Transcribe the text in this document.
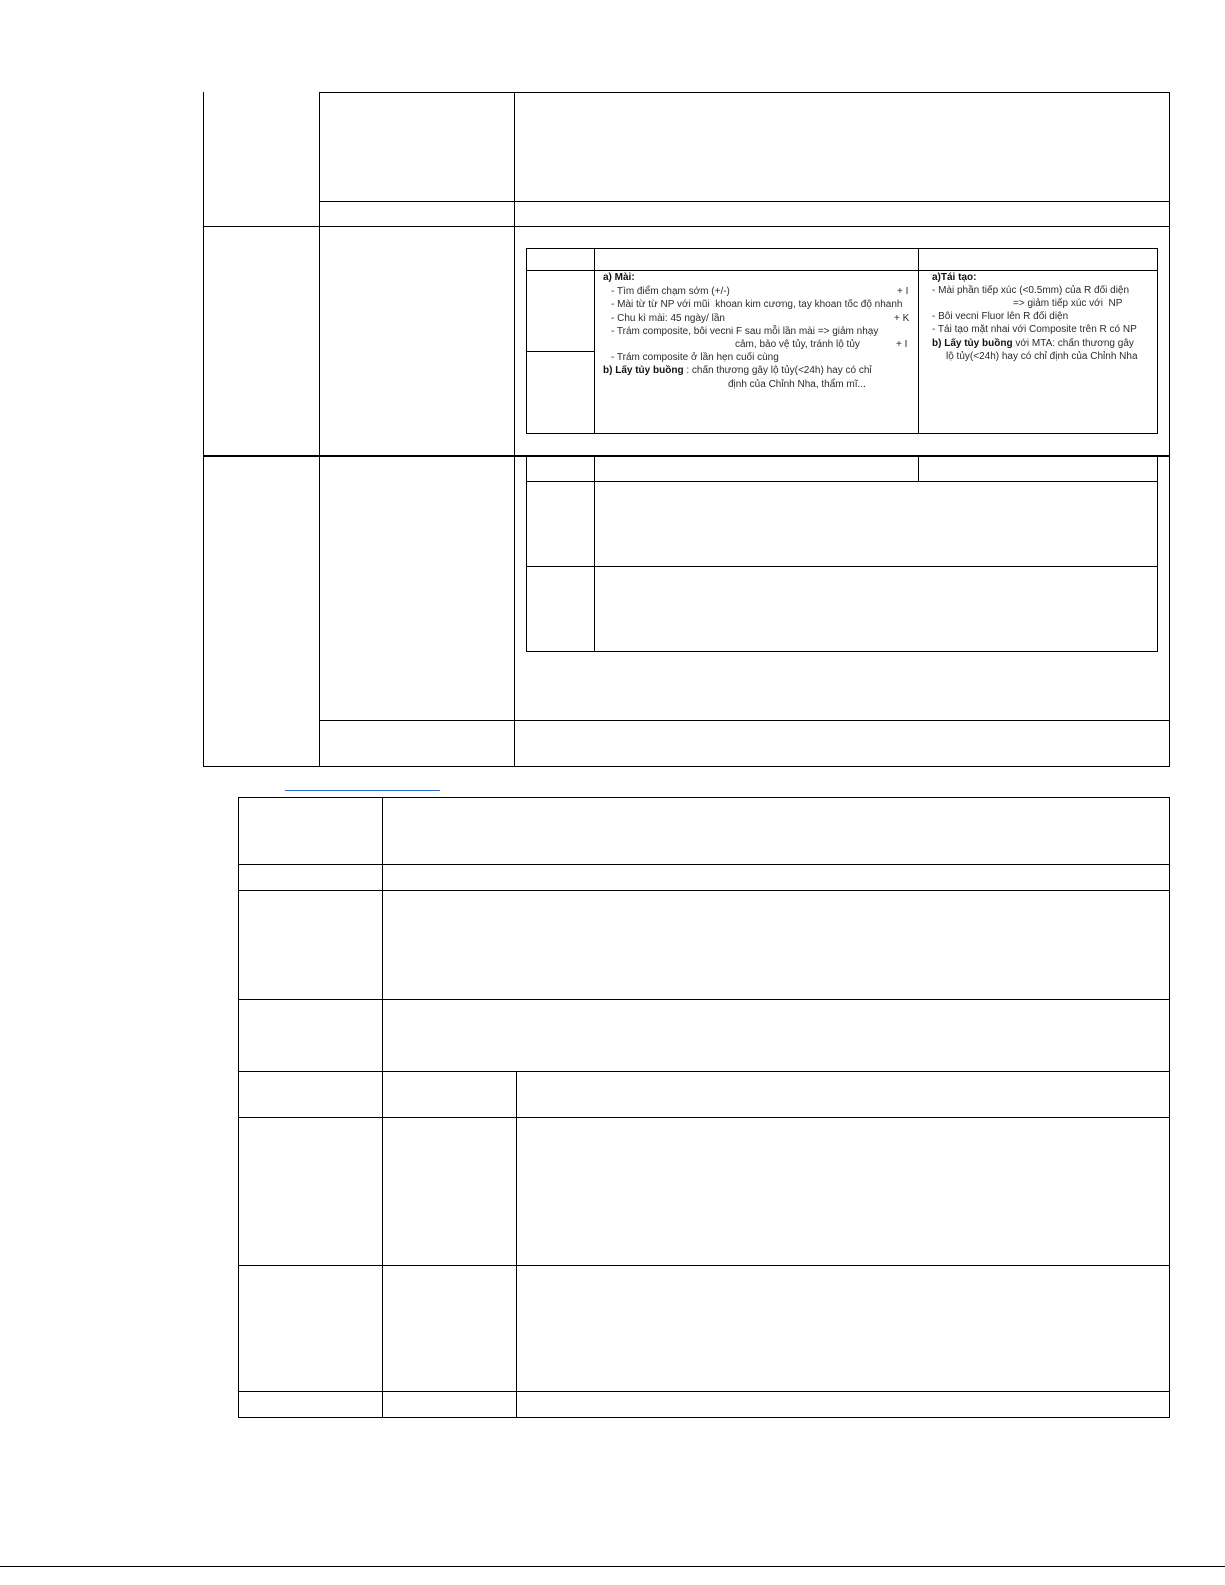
a) Mài:
- Tìm điểm chạm sớm (+/-)
- Mài từ từ NP với mũi  khoan kim cương, tay khoan tốc độ nhanh
- Chu kì mài: 45 ngày/ lần
- Trám composite, bôi vecni F sau mỗi lần mài => giảm nhạy
cảm, bảo vệ tủy, tránh lộ tủy
- Trám composite ở lần hẹn cuối cùng
b) Lấy tủy buồng : chấn thương gây lộ tủy(<24h) hay có chỉ
định của Chỉnh Nha, thẩm mĩ...
+ I
+ K
+ I
a)Tái tạo:
- Mài phần tiếp xúc (<0.5mm) của R đối diện
=> giảm tiếp xúc với  NP
- Bôi vecni Fluor lên R đối diện
- Tái tạo mặt nhai với Composite trên R có NP
b) Lấy tủy buồng với MTA: chấn thương gây
lộ tủy(<24h) hay có chỉ định của Chỉnh Nha
